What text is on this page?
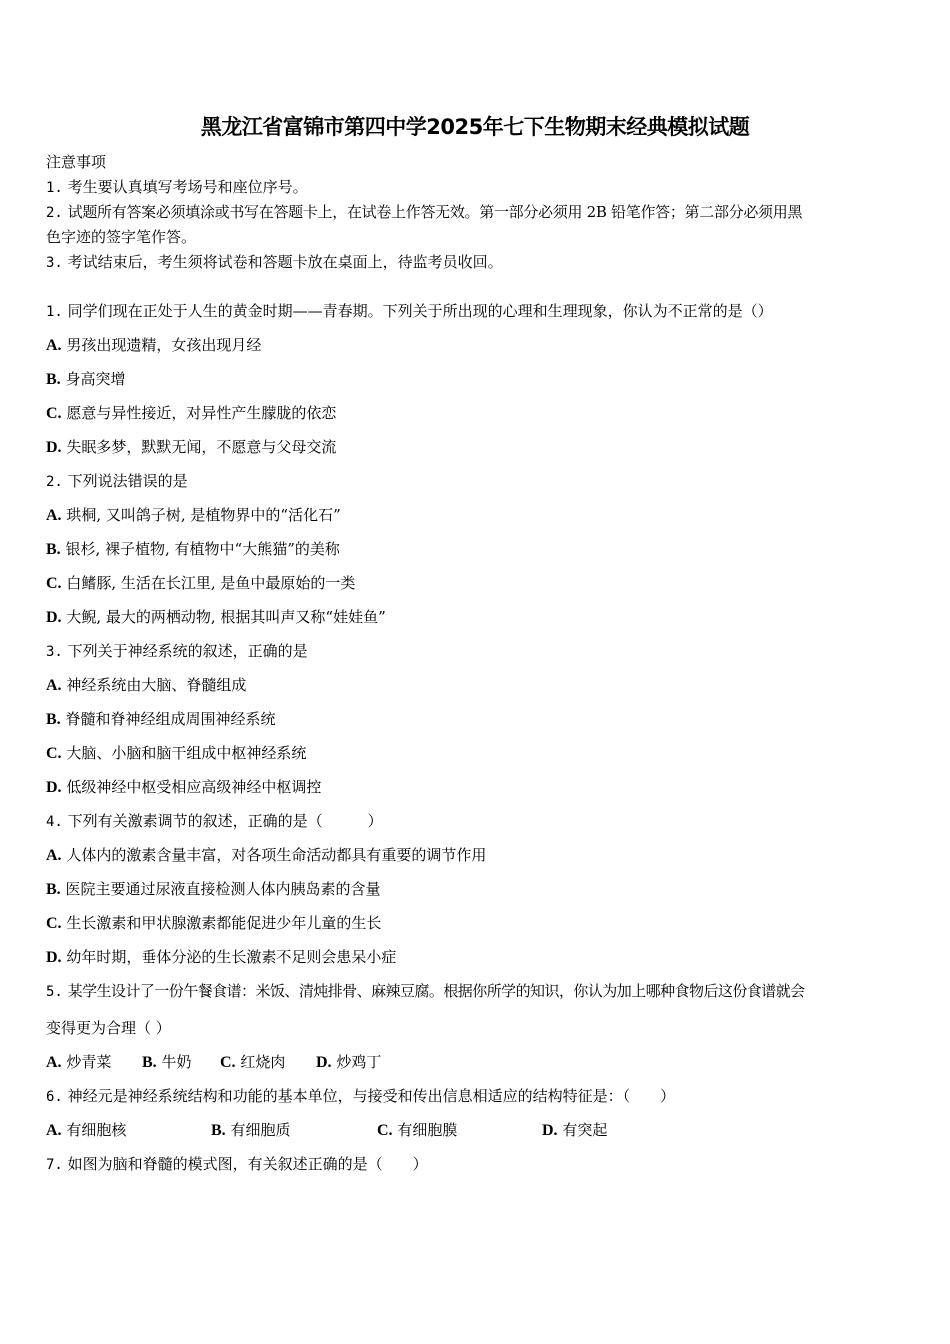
黑龙江省富锦市第四中学2025年七下生物期末经典模拟试题
注意事项
1. 考生要认真填写考场号和座位序号。
2. 试题所有答案必须填涂或书写在答题卡上，在试卷上作答无效。第一部分必须用 2B 铅笔作答；第二部分必须用黑
色字迹的签字笔作答。
3. 考试结束后，考生须将试卷和答题卡放在桌面上，待监考员收回。
1. 同学们现在正处于人生的黄金时期——青春期。下列关于所出现的心理和生理现象，你认为不正常的是（）
A. 男孩出现遗精，女孩出现月经
B. 身高突增
C. 愿意与异性接近，对异性产生朦胧的依恋
D. 失眠多梦，默默无闻，不愿意与父母交流
2. 下列说法错误的是
A. 珙桐, 又叫鸽子树, 是植物界中的“活化石”
B. 银杉, 裸子植物, 有植物中“大熊猫”的美称
C. 白鳍豚, 生活在长江里, 是鱼中最原始的一类
D. 大鲵, 最大的两栖动物, 根据其叫声又称“娃娃鱼”
3. 下列关于神经系统的叙述，正确的是
A. 神经系统由大脑、脊髓组成
B. 脊髓和脊神经组成周围神经系统
C. 大脑、小脑和脑干组成中枢神经系统
D. 低级神经中枢受相应高级神经中枢调控
4. 下列有关激素调节的叙述，正确的是（　　　）
A. 人体内的激素含量丰富，对各项生命活动都具有重要的调节作用
B. 医院主要通过尿液直接检测人体内胰岛素的含量
C. 生长激素和甲状腺激素都能促进少年儿童的生长
D. 幼年时期，垂体分泌的生长激素不足则会患呆小症
5. 某学生设计了一份午餐食谱：米饭、清炖排骨、麻辣豆腐。根据你所学的知识，你认为加上哪种食物后这份食谱就会
变得更为合理（ ）
A. 炒青菜 B. 牛奶 C. 红烧肉 D. 炒鸡丁
6. 神经元是神经系统结构和功能的基本单位，与接受和传出信息相适应的结构特征是：（　　）
A. 有细胞核	B. 有细胞质	C. 有细胞膜	D. 有突起
7. 如图为脑和脊髓的模式图，有关叙述正确的是（　　）
